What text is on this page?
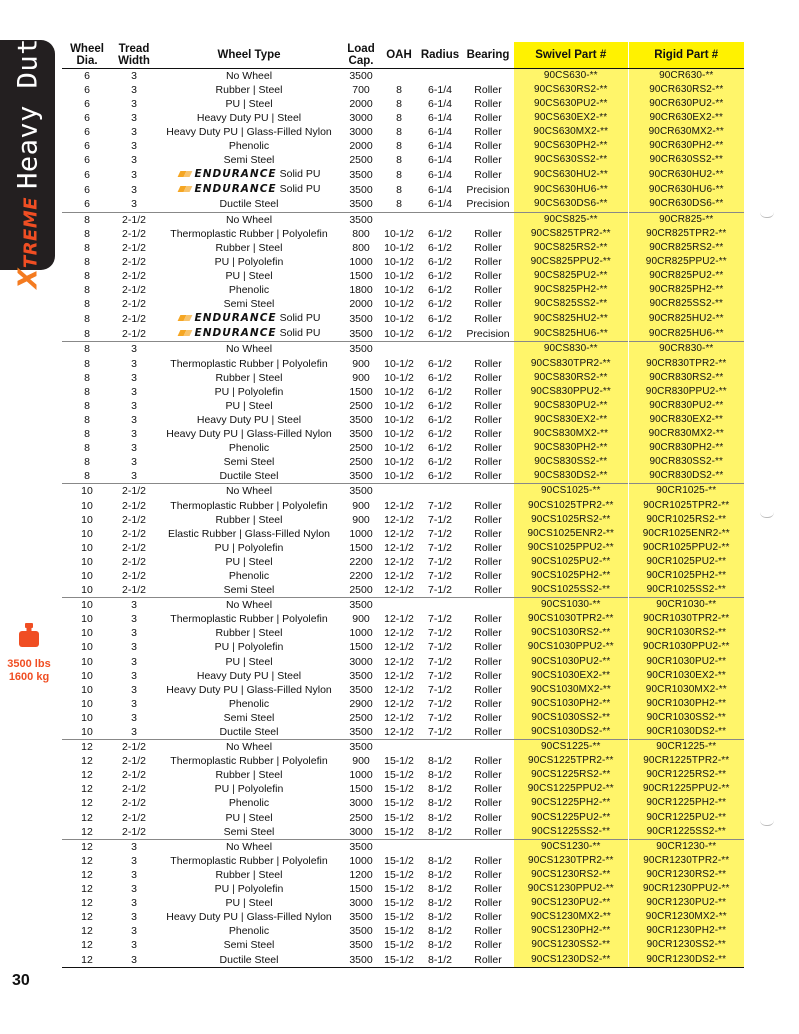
XTREME
Heavy Duty
3500 lbs
1600 kg
30
Wheel Dia.	Tread Width	Wheel Type	Load Cap.	OAH	Radius	Bearing	Swivel Part #	Rigid Part #
6	3	No Wheel	3500				90CS630-**	90CR630-**
6	3	Rubber | Steel	700	8	6-1/4	Roller	90CS630RS2-**	90CR630RS2-**
6	3	PU | Steel	2000	8	6-1/4	Roller	90CS630PU2-**	90CR630PU2-**
6	3	Heavy Duty PU | Steel	3000	8	6-1/4	Roller	90CS630EX2-**	90CR630EX2-**
6	3	Heavy Duty PU | Glass-Filled Nylon	3000	8	6-1/4	Roller	90CS630MX2-**	90CR630MX2-**
6	3	Phenolic	2000	8	6-1/4	Roller	90CS630PH2-**	90CR630PH2-**
6	3	Semi Steel	2500	8	6-1/4	Roller	90CS630SS2-**	90CR630SS2-**
6	3	ENDURANCE Solid PU	3500	8	6-1/4	Roller	90CS630HU2-**	90CR630HU2-**
6	3	ENDURANCE Solid PU	3500	8	6-1/4	Precision	90CS630HU6-**	90CR630HU6-**
6	3	Ductile Steel	3500	8	6-1/4	Precision	90CS630DS6-**	90CR630DS6-**
8	2-1/2	No Wheel	3500				90CS825-**	90CR825-**
8	2-1/2	Thermoplastic Rubber | Polyolefin	800	10-1/2	6-1/2	Roller	90CS825TPR2-**	90CR825TPR2-**
8	2-1/2	Rubber | Steel	800	10-1/2	6-1/2	Roller	90CS825RS2-**	90CR825RS2-**
8	2-1/2	PU | Polyolefin	1000	10-1/2	6-1/2	Roller	90CS825PPU2-**	90CR825PPU2-**
8	2-1/2	PU | Steel	1500	10-1/2	6-1/2	Roller	90CS825PU2-**	90CR825PU2-**
8	2-1/2	Phenolic	1800	10-1/2	6-1/2	Roller	90CS825PH2-**	90CR825PH2-**
8	2-1/2	Semi Steel	2000	10-1/2	6-1/2	Roller	90CS825SS2-**	90CR825SS2-**
8	2-1/2	ENDURANCE Solid PU	3500	10-1/2	6-1/2	Roller	90CS825HU2-**	90CR825HU2-**
8	2-1/2	ENDURANCE Solid PU	3500	10-1/2	6-1/2	Precision	90CS825HU6-**	90CR825HU6-**
8	3	No Wheel	3500				90CS830-**	90CR830-**
8	3	Thermoplastic Rubber | Polyolefin	900	10-1/2	6-1/2	Roller	90CS830TPR2-**	90CR830TPR2-**
8	3	Rubber | Steel	900	10-1/2	6-1/2	Roller	90CS830RS2-**	90CR830RS2-**
8	3	PU | Polyolefin	1500	10-1/2	6-1/2	Roller	90CS830PPU2-**	90CR830PPU2-**
8	3	PU | Steel	2500	10-1/2	6-1/2	Roller	90CS830PU2-**	90CR830PU2-**
8	3	Heavy Duty PU | Steel	3500	10-1/2	6-1/2	Roller	90CS830EX2-**	90CR830EX2-**
8	3	Heavy Duty PU | Glass-Filled Nylon	3500	10-1/2	6-1/2	Roller	90CS830MX2-**	90CR830MX2-**
8	3	Phenolic	2500	10-1/2	6-1/2	Roller	90CS830PH2-**	90CR830PH2-**
8	3	Semi Steel	2500	10-1/2	6-1/2	Roller	90CS830SS2-**	90CR830SS2-**
8	3	Ductile Steel	3500	10-1/2	6-1/2	Roller	90CS830DS2-**	90CR830DS2-**
10	2-1/2	No Wheel	3500				90CS1025-**	90CR1025-**
10	2-1/2	Thermoplastic Rubber | Polyolefin	900	12-1/2	7-1/2	Roller	90CS1025TPR2-**	90CR1025TPR2-**
10	2-1/2	Rubber | Steel	900	12-1/2	7-1/2	Roller	90CS1025RS2-**	90CR1025RS2-**
10	2-1/2	Elastic Rubber | Glass-Filled Nylon	1000	12-1/2	7-1/2	Roller	90CS1025ENR2-**	90CR1025ENR2-**
10	2-1/2	PU | Polyolefin	1500	12-1/2	7-1/2	Roller	90CS1025PPU2-**	90CR1025PPU2-**
10	2-1/2	PU | Steel	2200	12-1/2	7-1/2	Roller	90CS1025PU2-**	90CR1025PU2-**
10	2-1/2	Phenolic	2200	12-1/2	7-1/2	Roller	90CS1025PH2-**	90CR1025PH2-**
10	2-1/2	Semi Steel	2500	12-1/2	7-1/2	Roller	90CS1025SS2-**	90CR1025SS2-**
10	3	No Wheel	3500				90CS1030-**	90CR1030-**
10	3	Thermoplastic Rubber | Polyolefin	900	12-1/2	7-1/2	Roller	90CS1030TPR2-**	90CR1030TPR2-**
10	3	Rubber | Steel	1000	12-1/2	7-1/2	Roller	90CS1030RS2-**	90CR1030RS2-**
10	3	PU | Polyolefin	1500	12-1/2	7-1/2	Roller	90CS1030PPU2-**	90CR1030PPU2-**
10	3	PU | Steel	3000	12-1/2	7-1/2	Roller	90CS1030PU2-**	90CR1030PU2-**
10	3	Heavy Duty PU | Steel	3500	12-1/2	7-1/2	Roller	90CS1030EX2-**	90CR1030EX2-**
10	3	Heavy Duty PU | Glass-Filled Nylon	3500	12-1/2	7-1/2	Roller	90CS1030MX2-**	90CR1030MX2-**
10	3	Phenolic	2900	12-1/2	7-1/2	Roller	90CS1030PH2-**	90CR1030PH2-**
10	3	Semi Steel	2500	12-1/2	7-1/2	Roller	90CS1030SS2-**	90CR1030SS2-**
10	3	Ductile Steel	3500	12-1/2	7-1/2	Roller	90CS1030DS2-**	90CR1030DS2-**
12	2-1/2	No Wheel	3500				90CS1225-**	90CR1225-**
12	2-1/2	Thermoplastic Rubber | Polyolefin	900	15-1/2	8-1/2	Roller	90CS1225TPR2-**	90CR1225TPR2-**
12	2-1/2	Rubber | Steel	1000	15-1/2	8-1/2	Roller	90CS1225RS2-**	90CR1225RS2-**
12	2-1/2	PU | Polyolefin	1500	15-1/2	8-1/2	Roller	90CS1225PPU2-**	90CR1225PPU2-**
12	2-1/2	Phenolic	3000	15-1/2	8-1/2	Roller	90CS1225PH2-**	90CR1225PH2-**
12	2-1/2	PU | Steel	2500	15-1/2	8-1/2	Roller	90CS1225PU2-**	90CR1225PU2-**
12	2-1/2	Semi Steel	3000	15-1/2	8-1/2	Roller	90CS1225SS2-**	90CR1225SS2-**
12	3	No Wheel	3500				90CS1230-**	90CR1230-**
12	3	Thermoplastic Rubber | Polyolefin	1000	15-1/2	8-1/2	Roller	90CS1230TPR2-**	90CR1230TPR2-**
12	3	Rubber | Steel	1200	15-1/2	8-1/2	Roller	90CS1230RS2-**	90CR1230RS2-**
12	3	PU | Polyolefin	1500	15-1/2	8-1/2	Roller	90CS1230PPU2-**	90CR1230PPU2-**
12	3	PU | Steel	3000	15-1/2	8-1/2	Roller	90CS1230PU2-**	90CR1230PU2-**
12	3	Heavy Duty PU | Glass-Filled Nylon	3500	15-1/2	8-1/2	Roller	90CS1230MX2-**	90CR1230MX2-**
12	3	Phenolic	3500	15-1/2	8-1/2	Roller	90CS1230PH2-**	90CR1230PH2-**
12	3	Semi Steel	3500	15-1/2	8-1/2	Roller	90CS1230SS2-**	90CR1230SS2-**
12	3	Ductile Steel	3500	15-1/2	8-1/2	Roller	90CS1230DS2-**	90CR1230DS2-**
